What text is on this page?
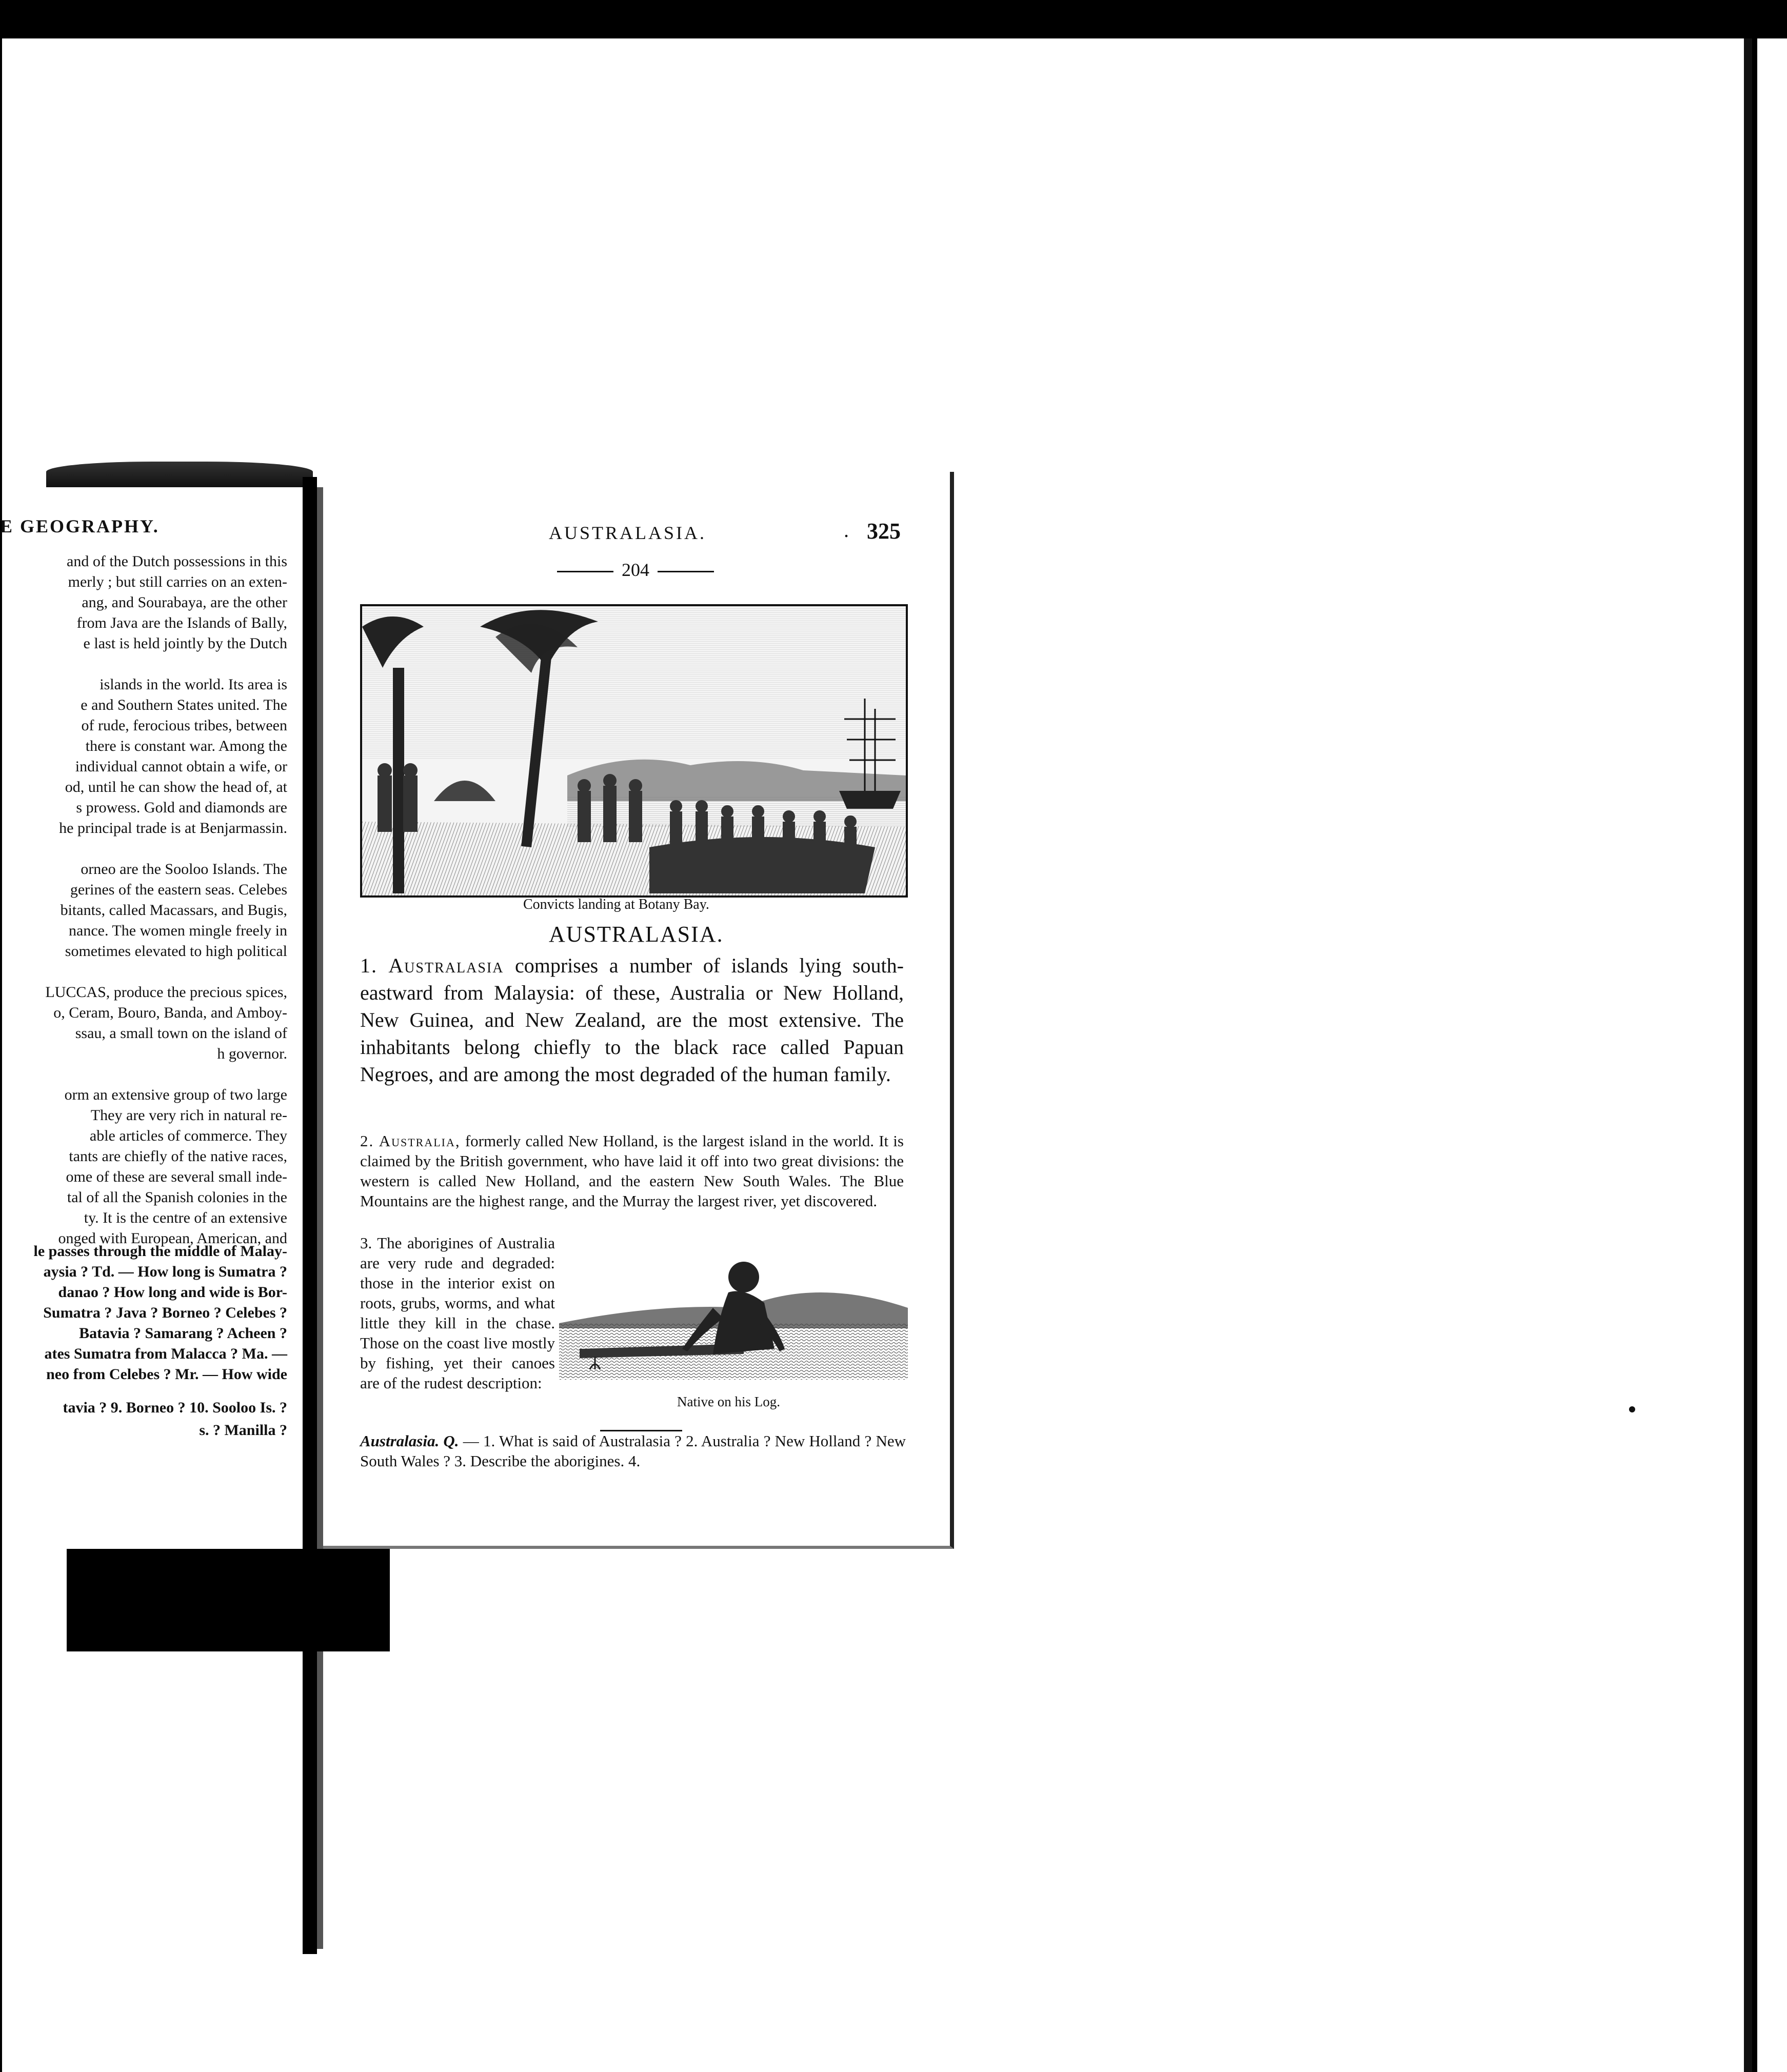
E GEOGRAPHY.
and of the Dutch possessions in this
merly ; but still carries on an exten-
ang, and Sourabaya, are the other
from Java are the Islands of Bally,
e last is held jointly by the Dutch
islands in the world. Its area is
e and Southern States united. The
of rude, ferocious tribes, between
there is constant war. Among the
individual cannot obtain a wife, or
od, until he can show the head of, at
s prowess. Gold and diamonds are
he principal trade is at Benjarmassin.
orneo are the Sooloo Islands. The
gerines of the eastern seas. Celebes
bitants, called Macassars, and Bugis,
nance. The women mingle freely in
sometimes elevated to high political
LUCCAS, produce the precious spices,
o, Ceram, Bouro, Banda, and Amboy-
ssau, a small town on the island of
h governor.
orm an extensive group of two large
They are very rich in natural re-
able articles of commerce. They
tants are chiefly of the native races,
ome of these are several small inde-
tal of all the Spanish colonies in the
ty. It is the centre of an extensive
onged with European, American, and
le passes through the middle of Malay-
aysia ? Td. — How long is Sumatra ?
danao ? How long and wide is Bor-
Sumatra ? Java ? Borneo ? Celebes ?
Batavia ? Samarang ? Acheen ?
ates Sumatra from Malacca ? Ma. —
neo from Celebes ? Mr. — How wide
tavia ? 9. Borneo ? 10. Sooloo Is. ?
s. ? Manilla ?
AUSTRALASIA.	. 325
204
Convicts landing at Botany Bay.
AUSTRALASIA.
1. Australasia comprises a number of islands lying south-eastward from Malaysia: of these, Australia or New Holland, New Guinea, and New Zealand, are the most extensive. The inhabitants belong chiefly to the black race called Papuan Negroes, and are among the most degraded of the human family.
2. Australia, formerly called New Holland, is the largest island in the world. It is claimed by the British government, who have laid it off into two great divisions: the western is called New Holland, and the eastern New South Wales. The Blue Mountains are the highest range, and the Murray the largest river, yet discovered.
3. The aborigines of Australia are very rude and degraded: those in the interior exist on roots, grubs, worms, and what little they kill in the chase. Those on the coast live mostly by fishing, yet their canoes are of the rudest description:
Native on his Log.
Australasia. Q. — 1. What is said of Australasia ? 2. Australia ? New Holland ? New South Wales ? 3. Describe the aborigines. 4.
